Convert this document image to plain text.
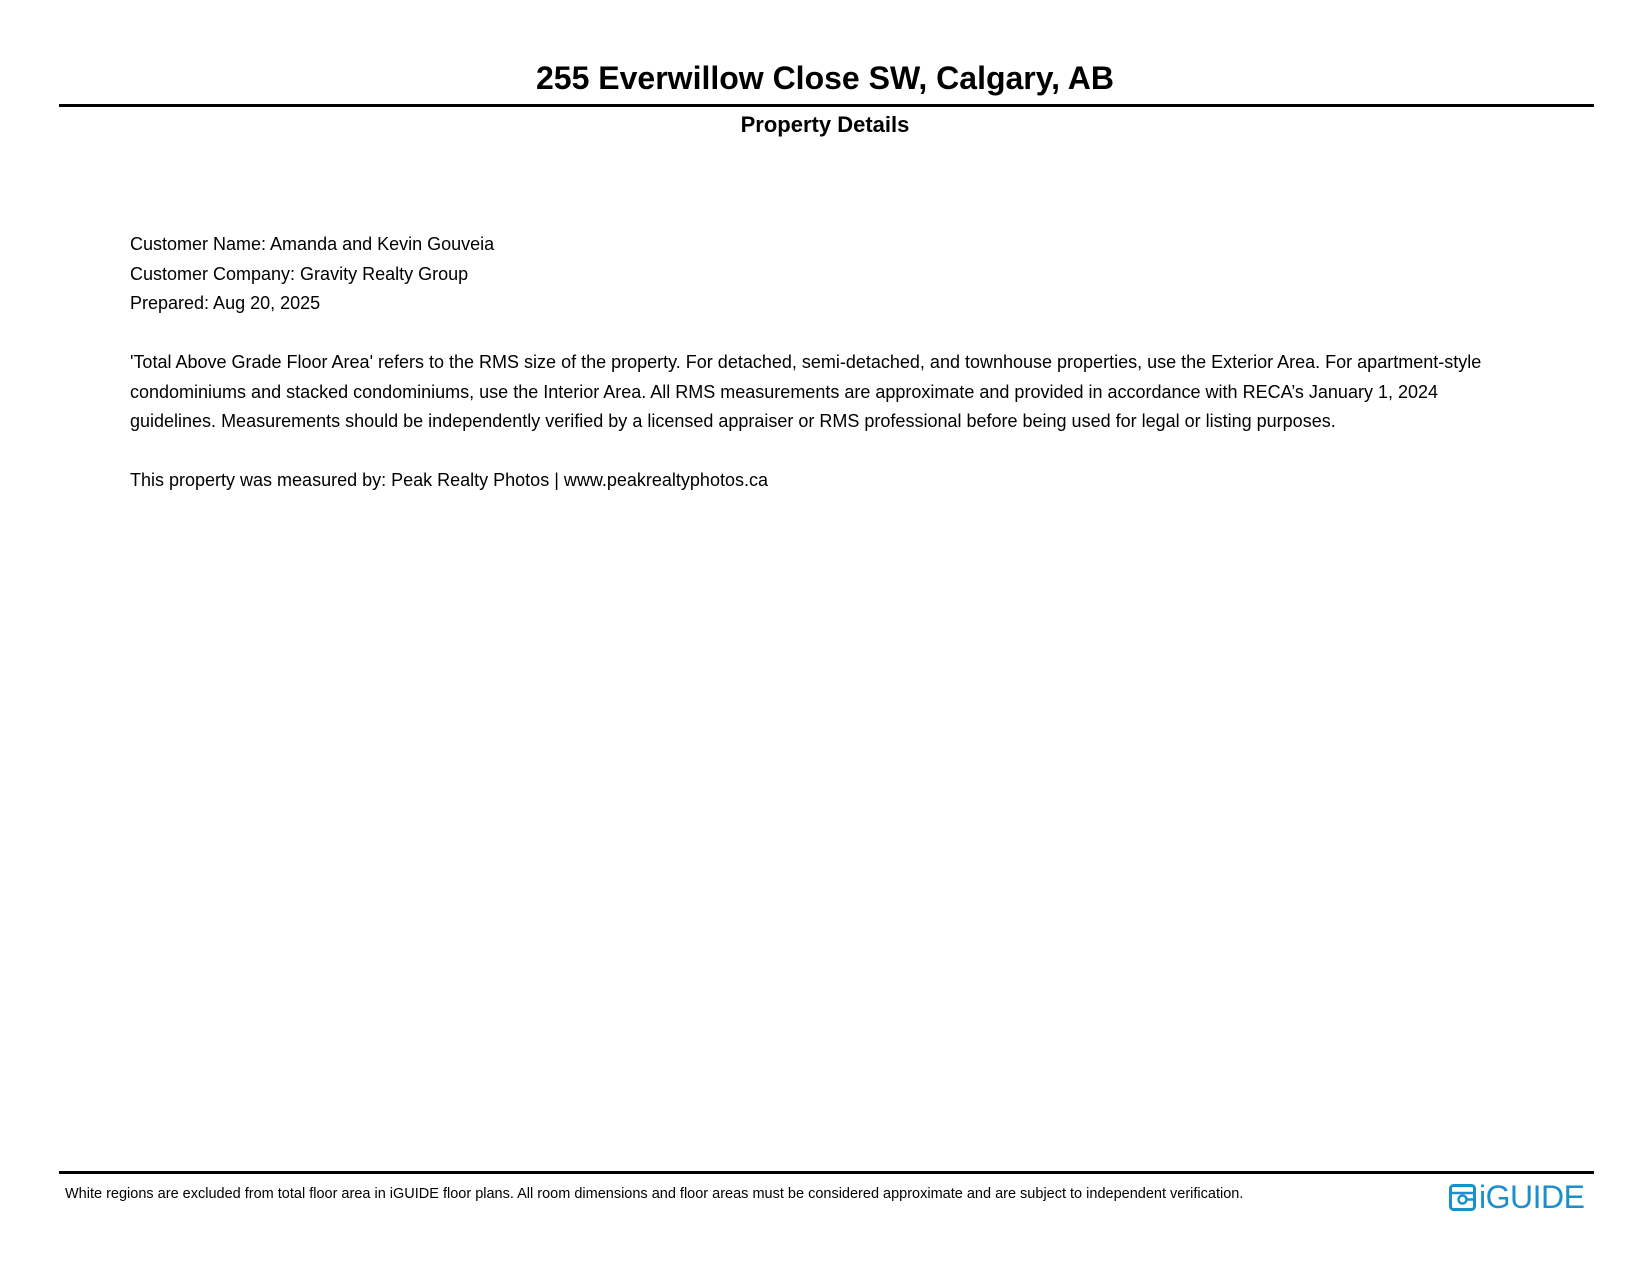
255 Everwillow Close SW, Calgary, AB
Property Details

Customer Name: Amanda and Kevin Gouveia

Customer Company: Gravity Realty Group

Prepared: Aug 20, 2025

'Total Above Grade Floor Area' refers to the RMS size of the property. For detached, semi-detached, and townhouse properties, use the Exterior Area. For apartment-style condominiums and stacked condominiums, use the Interior Area. All RMS measurements are approximate and provided in accordance with RECA’s January 1, 2024 guidelines. Measurements should be independently verified by a licensed appraiser or RMS professional before being used for legal or listing purposes.

This property was measured by: Peak Realty Photos | www.peakrealtyphotos.ca

White regions are excluded from total floor area in iGUIDE floor plans. All room dimensions and floor areas must be considered approximate and are subject to independent verification.	iGUIDE
